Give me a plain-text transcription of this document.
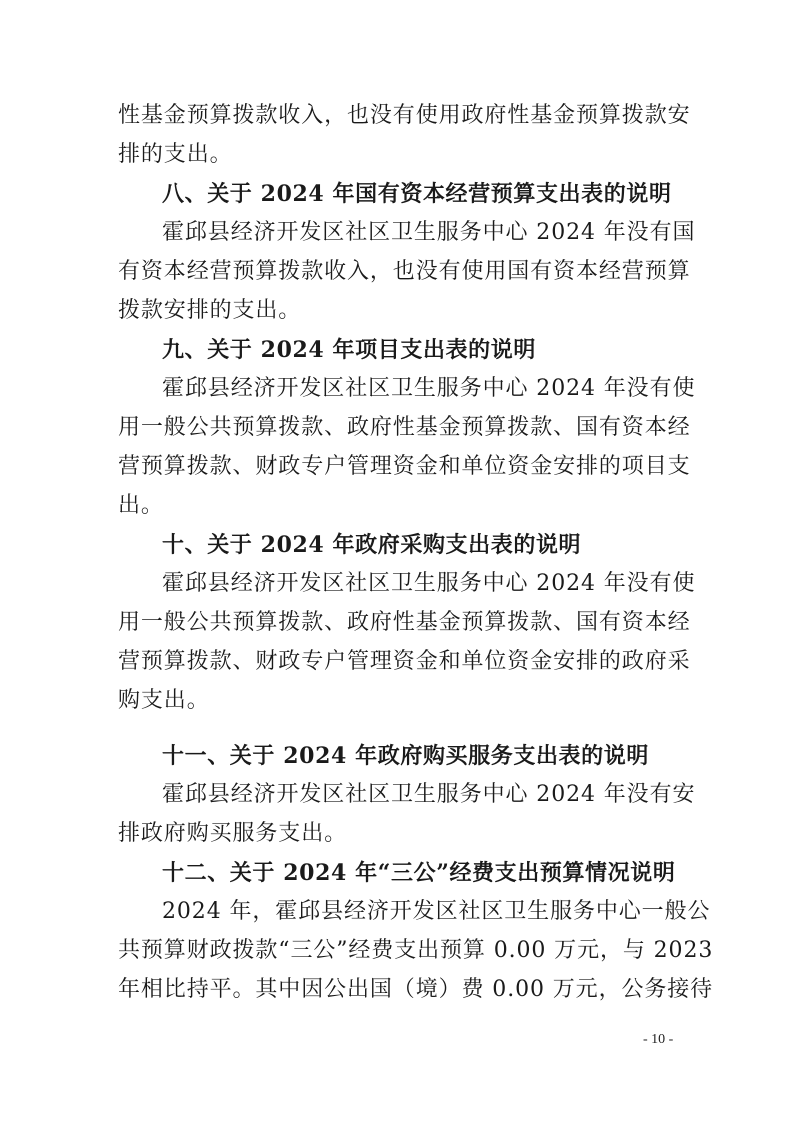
性基金预算拨款收入，也没有使用政府性基金预算拨款安
排的支出。
八、关于 2024 年国有资本经营预算支出表的说明
霍邱县经济开发区社区卫生服务中心 2024 年没有国
有资本经营预算拨款收入，也没有使用国有资本经营预算
拨款安排的支出。
九、关于 2024 年项目支出表的说明
霍邱县经济开发区社区卫生服务中心 2024 年没有使
用一般公共预算拨款、政府性基金预算拨款、国有资本经
营预算拨款、财政专户管理资金和单位资金安排的项目支
出。
十、关于 2024 年政府采购支出表的说明
霍邱县经济开发区社区卫生服务中心 2024 年没有使
用一般公共预算拨款、政府性基金预算拨款、国有资本经
营预算拨款、财政专户管理资金和单位资金安排的政府采
购支出。
十一、关于 2024 年政府购买服务支出表的说明
霍邱县经济开发区社区卫生服务中心 2024 年没有安
排政府购买服务支出。
十二、关于 2024 年“三公”经费支出预算情况说明
2024 年，霍邱县经济开发区社区卫生服务中心一般公
共预算财政拨款“三公”经费支出预算 0.00 万元，与 2023
年相比持平。其中因公出国（境）费 0.00 万元，公务接待
- 10 -
